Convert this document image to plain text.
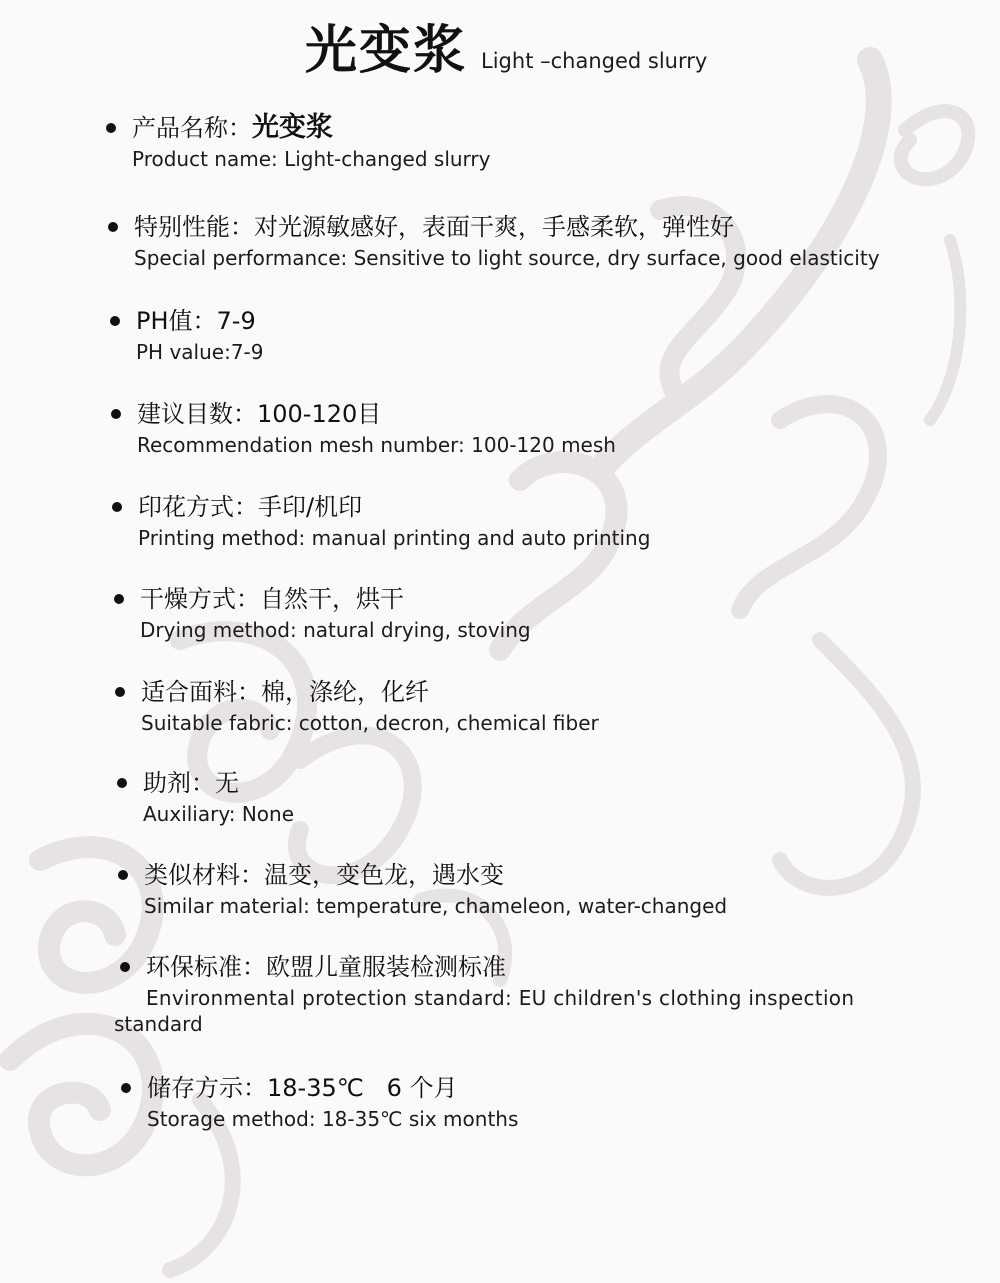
光变浆 Light –changed slurry
产品名称：光变浆
Product name: Light-changed slurry
特别性能：对光源敏感好，表面干爽，手感柔软，弹性好
Special performance: Sensitive to light source, dry surface, good elasticity
PH值：7-9
PH value:7-9
建议目数：100-120目
Recommendation mesh number: 100-120 mesh
印花方式：手印/机印
Printing method: manual printing and auto printing
干燥方式：自然干，烘干
Drying method: natural drying, stoving
适合面料：棉，涤纶，化纤
Suitable fabric: cotton, decron, chemical fiber
助剂：无
Auxiliary: None
类似材料：温变，变色龙，遇水变
Similar material: temperature, chameleon, water-changed
环保标准：欧盟儿童服装检测标准
Environmental protection standard: EU children's clothing inspection
standard
储存方示：18-35℃   6 个月
Storage method: 18-35℃ six months
